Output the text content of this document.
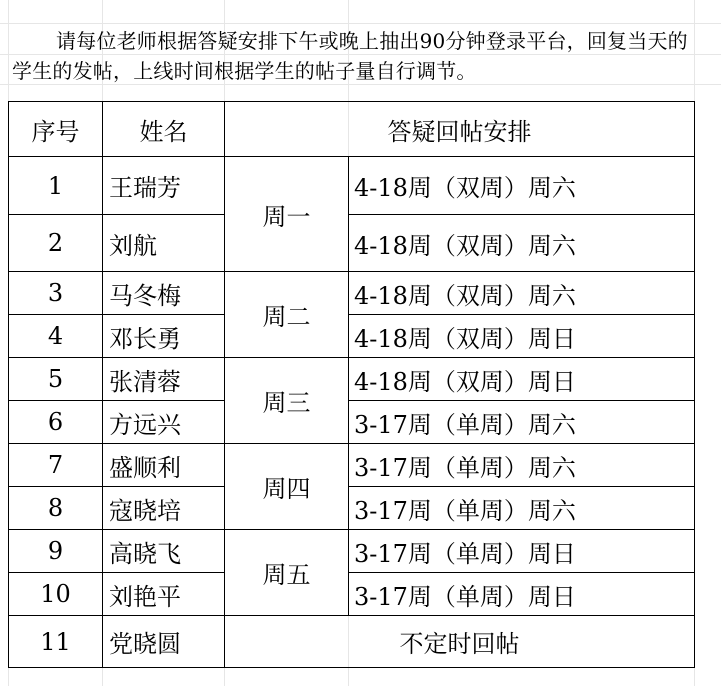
请每位老师根据答疑安排下午或晚上抽出90分钟登录平台，回复当天的学生的发帖，上线时间根据学生的帖子量自行调节。
序号	姓名	答疑回帖安排	
1	王瑞芳	周一	4-18周（双周）周六
2	刘航		4-18周（双周）周六
3	马冬梅	周二	4-18周（双周）周六
4	邓长勇		4-18周（双周）周日
5	张清蓉	周三	4-18周（双周）周日
6	方远兴		3-17周（单周）周六
7	盛顺利	周四	3-17周（单周）周六
8	寇晓培		3-17周（单周）周六
9	高晓飞	周五	3-17周（单周）周日
10	刘艳平		3-17周（单周）周日
11	党晓圆	不定时回帖	
